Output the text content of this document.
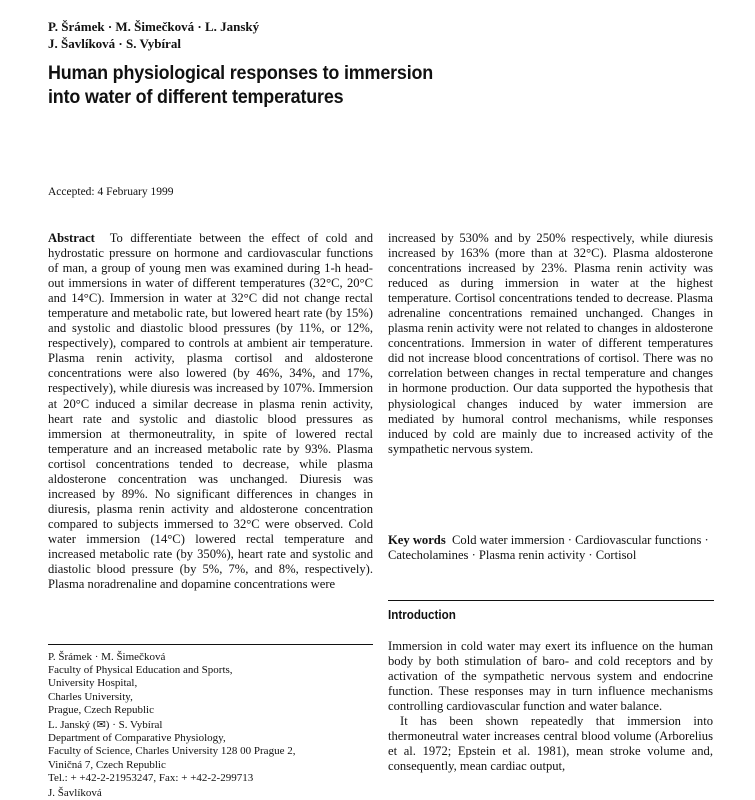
P. Šrámek · M. Šimečková · L. Janský
J. Šavlíková · S. Vybíral
Human physiological responses to immersion
into water of different temperatures
Accepted: 4 February 1999
Abstract To differentiate between the effect of cold and hydrostatic pressure on hormone and cardiovascular functions of man, a group of young men was examined during 1-h head-out immersions in water of different temperatures (32°C, 20°C and 14°C). Immersion in water at 32°C did not change rectal temperature and metabolic rate, but lowered heart rate (by 15%) and systolic and diastolic blood pressures (by 11%, or 12%, respectively), compared to controls at ambient air temperature. Plasma renin activity, plasma cortisol and aldosterone concentrations were also lowered (by 46%, 34%, and 17%, respectively), while diuresis was increased by 107%. Immersion at 20°C induced a similar decrease in plasma renin activity, heart rate and systolic and diastolic blood pressures as immersion at thermoneutrality, in spite of lowered rectal temperature and an increased metabolic rate by 93%. Plasma cortisol concentrations tended to decrease, while plasma aldosterone concentration was unchanged. Diuresis was increased by 89%. No significant differences in changes in diuresis, plasma renin activity and aldosterone concentration compared to subjects immersed to 32°C were observed. Cold water immersion (14°C) lowered rectal temperature and increased metabolic rate (by 350%), heart rate and systolic and diastolic blood pressure (by 5%, 7%, and 8%, respectively). Plasma noradrenaline and dopamine concentrations were
increased by 530% and by 250% respectively, while diuresis increased by 163% (more than at 32°C). Plasma aldosterone concentrations increased by 23%. Plasma renin activity was reduced as during immersion in water at the highest temperature. Cortisol concentrations tended to decrease. Plasma adrenaline concentrations remained unchanged. Changes in plasma renin activity were not related to changes in aldosterone concentrations. Immersion in water of different temperatures did not increase blood concentrations of cortisol. There was no correlation between changes in rectal temperature and changes in hormone production. Our data supported the hypothesis that physiological changes induced by water immersion are mediated by humoral control mechanisms, while responses induced by cold are mainly due to increased activity of the sympathetic nervous system.
Key words Cold water immersion · Cardiovascular functions · Catecholamines · Plasma renin activity · Cortisol
Introduction

Immersion in cold water may exert its influence on the human body by both stimulation of baro- and cold receptors and by activation of the sympathetic nervous system and endocrine function. These responses may in turn influence mechanisms controlling cardiovascular function and water balance.

It has been shown repeatedly that immersion into thermoneutral water increases central blood volume (Arborelius et al. 1972; Epstein et al. 1981), mean stroke volume and, consequently, mean cardiac output,

P. Šrámek · M. Šimečková
Faculty of Physical Education and Sports,
University Hospital,
Charles University,
Prague, Czech Republic
L. Janský (✉) · S. Vybíral
Department of Comparative Physiology,
Faculty of Science, Charles University 128 00 Prague 2,
Viničná 7, Czech Republic
Tel.: + +42-2-21953247, Fax: + +42-2-299713
J. Šavlíková
